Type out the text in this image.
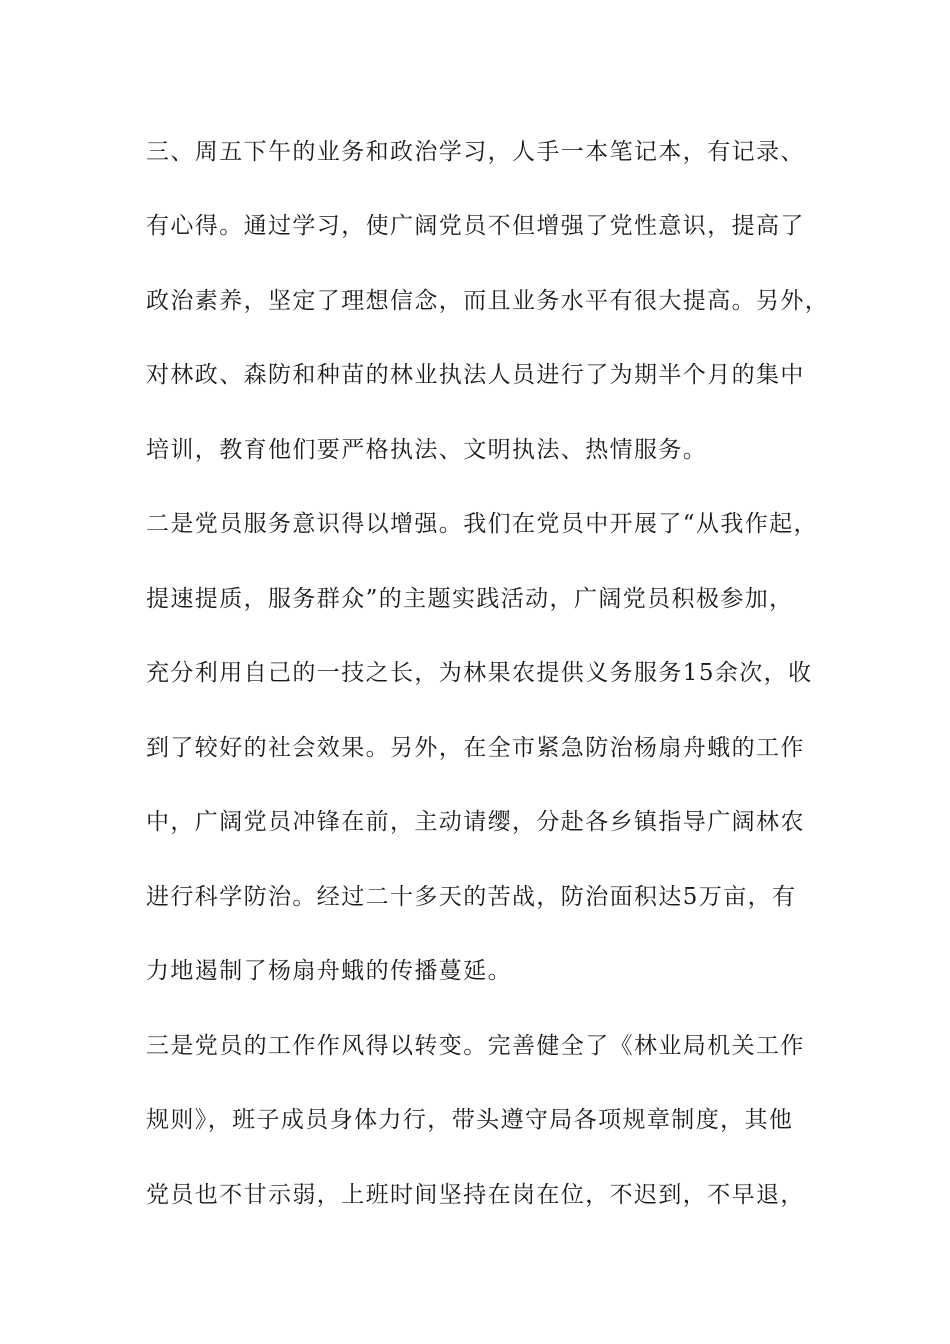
三、周五下午的业务和政治学习，人手一本笔记本，有记录、
有心得。通过学习，使广阔党员不但增强了党性意识，提高了
政治素养，坚定了理想信念，而且业务水平有很大提高。另外，
对林政、森防和种苗的林业执法人员进行了为期半个月的集中
培训，教育他们要严格执法、文明执法、热情服务。
二是党员服务意识得以增强。我们在党员中开展了“从我作起，
提速提质，服务群众”的主题实践活动，广阔党员积极参加，
充分利用自己的一技之长，为林果农提供义务服务15余次，收
到了较好的社会效果。另外，在全市紧急防治杨扇舟蛾的工作
中，广阔党员冲锋在前，主动请缨，分赴各乡镇指导广阔林农
进行科学防治。经过二十多天的苦战，防治面积达5万亩，有
力地遏制了杨扇舟蛾的传播蔓延。
三是党员的工作作风得以转变。完善健全了《林业局机关工作
规则》，班子成员身体力行，带头遵守局各项规章制度，其他
党员也不甘示弱，上班时间坚持在岗在位，不迟到，不早退，
